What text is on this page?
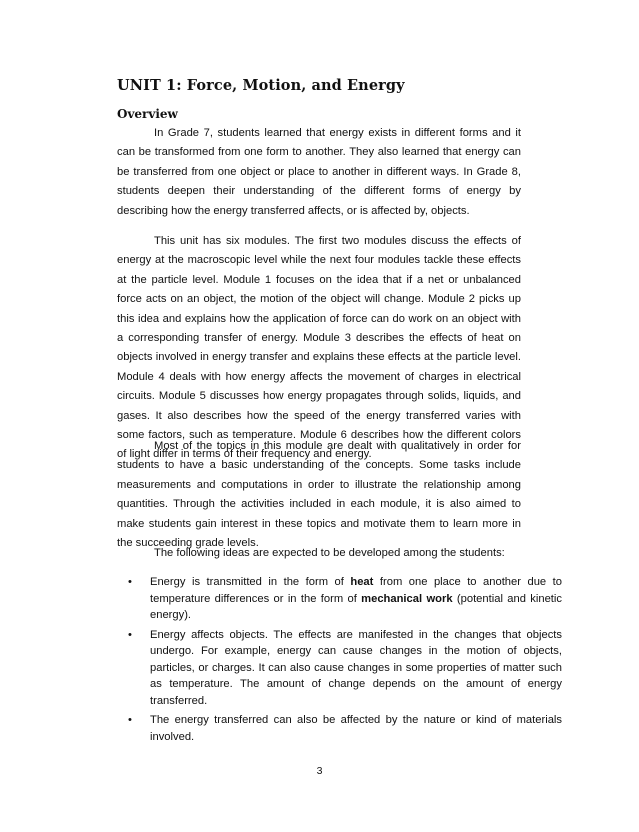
UNIT 1: Force, Motion, and Energy
Overview

In Grade 7, students learned that energy exists in different forms and it can be transformed from one form to another. They also learned that energy can be transferred from one object or place to another in different ways. In Grade 8, students deepen their understanding of the different forms of energy by describing how the energy transferred affects, or is affected by, objects.

This unit has six modules. The first two modules discuss the effects of energy at the macroscopic level while the next four modules tackle these effects at the particle level. Module 1 focuses on the idea that if a net or unbalanced force acts on an object, the motion of the object will change. Module 2 picks up this idea and explains how the application of force can do work on an object with a corresponding transfer of energy. Module 3 describes the effects of heat on objects involved in energy transfer and explains these effects at the particle level. Module 4 deals with how energy affects the movement of charges in electrical circuits. Module 5 discusses how energy propagates through solids, liquids, and gases. It also describes how the speed of the energy transferred varies with some factors, such as temperature. Module 6 describes how the different colors of light differ in terms of their frequency and energy.

Most of the topics in this module are dealt with qualitatively in order for students to have a basic understanding of the concepts. Some tasks include measurements and computations in order to illustrate the relationship among quantities. Through the activities included in each module, it is also aimed to make students gain interest in these topics and motivate them to learn more in the succeeding grade levels.

The following ideas are expected to be developed among the students:

• Energy is transmitted in the form of heat from one place to another due to temperature differences or in the form of mechanical work (potential and kinetic energy).
• Energy affects objects. The effects are manifested in the changes that objects undergo. For example, energy can cause changes in the motion of objects, particles, or charges. It can also cause changes in some properties of matter such as temperature. The amount of change depends on the amount of energy transferred.
• The energy transferred can also be affected by the nature or kind of materials involved.

3
